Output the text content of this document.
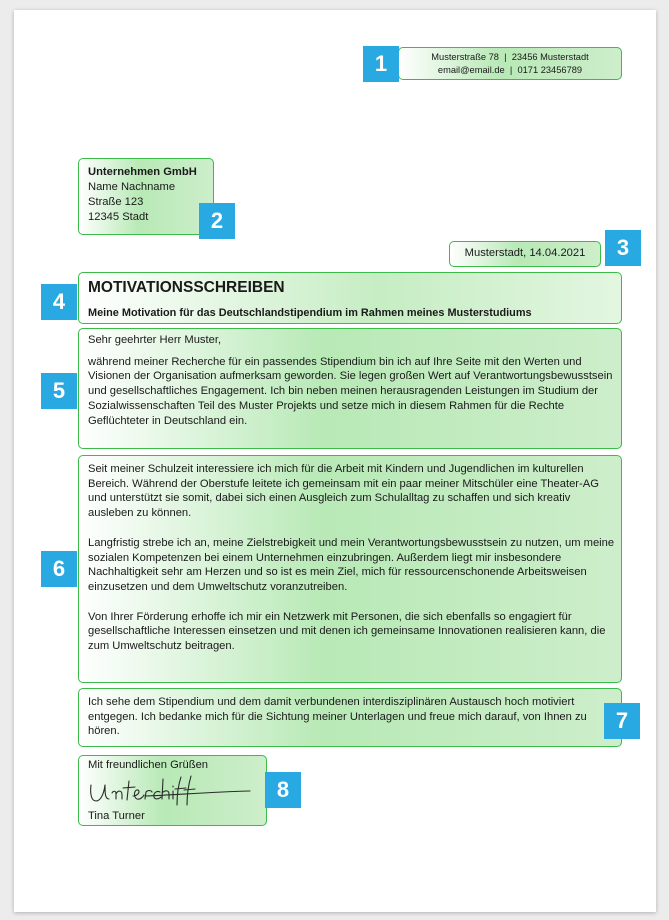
Musterstraße 78  |  23456 Musterstadt
email@email.de  |  0171 23456789
1
Unternehmen GmbH
Name Nachname
Straße 123
12345 Stadt	2
Musterstadt, 14.04.2021	3
MOTIVATIONSSCHREIBEN
Meine Motivation für das Deutschlandstipendium im Rahmen meines Musterstudiums
4

Sehr geehrter Herr Muster,

während meiner Recherche für ein passendes Stipendium bin ich auf Ihre Seite mit den Werten und Visionen der Organisation aufmerksam geworden. Sie legen großen Wert auf Verantwortungsbewusstsein und gesellschaftliches Engagement. Ich bin neben meinen herausragenden Leistungen im Studium der Sozialwissenschaften Teil des Muster Projekts und setze mich in diesem Rahmen für die Rechte Geflüchteter in Deutschland ein.

5

Seit meiner Schulzeit interessiere ich mich für die Arbeit mit Kindern und Jugendlichen im kulturellen Bereich. Während der Oberstufe leitete ich gemeinsam mit ein paar meiner Mitschüler eine Theater-AG und unterstützt sie somit, dabei sich einen Ausgleich zum Schulalltag zu schaffen und sich kreativ ausleben zu können.

Langfristig strebe ich an, meine Zielstrebigkeit und mein Verantwortungsbewusstsein zu nutzen, um meine sozialen Kompetenzen bei einem Unternehmen einzubringen. Außerdem liegt mir insbesondere Nachhaltigkeit sehr am Herzen und so ist es mein Ziel, mich für ressourcenschonende Arbeitsweisen einzusetzen und dem Umweltschutz voranzutreiben.

Von Ihrer Förderung erhoffe ich mir ein Netzwerk mit Personen, die sich ebenfalls so engagiert für gesellschaftliche Interessen einsetzen und mit denen ich gemeinsame Innovationen realisieren kann, die zum Umweltschutz beitragen.

6

Ich sehe dem Stipendium und dem damit verbundenen interdisziplinären Austausch hoch motiviert entgegen. Ich bedanke mich für die Sichtung meiner Unterlagen und freue mich darauf, von Ihnen zu hören.	7
Mit freundlichen Grüßen
Tina Turner
8
